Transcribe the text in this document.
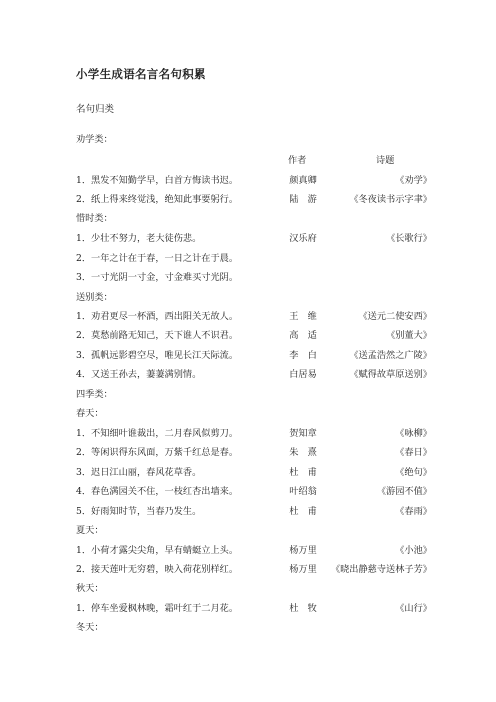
小学生成语名言名句积累
名句归类
劝学类：
作者	诗题
1．黑发不知勤学早，白首方悔读书迟。	颜真卿	《劝学》
2．纸上得来终觉浅，绝知此事要躬行。	陆　游	《冬夜读书示字聿》
惜时类：
1．少壮不努力，老大徒伤悲。	汉乐府	《长歌行》
2．一年之计在于春，一日之计在于晨。
3．一寸光阴一寸金，寸金难买寸光阴。
送别类：
1．劝君更尽一杯酒，西出阳关无故人。	王　维	《送元二使安西》
2．莫愁前路无知己，天下谁人不识君。	高　适	《别董大》
3．孤帆远影碧空尽，唯见长江天际流。	李　白	《送孟浩然之广陵》
4．又送王孙去，萋萋满别情。	白居易	《赋得故草原送别》
四季类：
春天：
1．不知细叶谁裁出，二月春风似剪刀。	贺知章	《咏柳》
2．等闲识得东风面，万紫千红总是春。	朱　熹	《春日》
3．迟日江山丽，春风花草香。	杜　甫	《绝句》
4．春色满园关不住，一枝红杏出墙来。	叶绍翁	《游园不值》
5．好雨知时节，当春乃发生。	杜　甫	《春雨》
夏天：
1．小荷才露尖尖角，早有蜻蜓立上头。	杨万里	《小池》
2．接天莲叶无穷碧，映入荷花别样红。	杨万里	《晓出静慈寺送林子芳》
秋天：
1．停车坐爱枫林晚，霜叶红于二月花。	杜　牧	《山行》
冬天：
